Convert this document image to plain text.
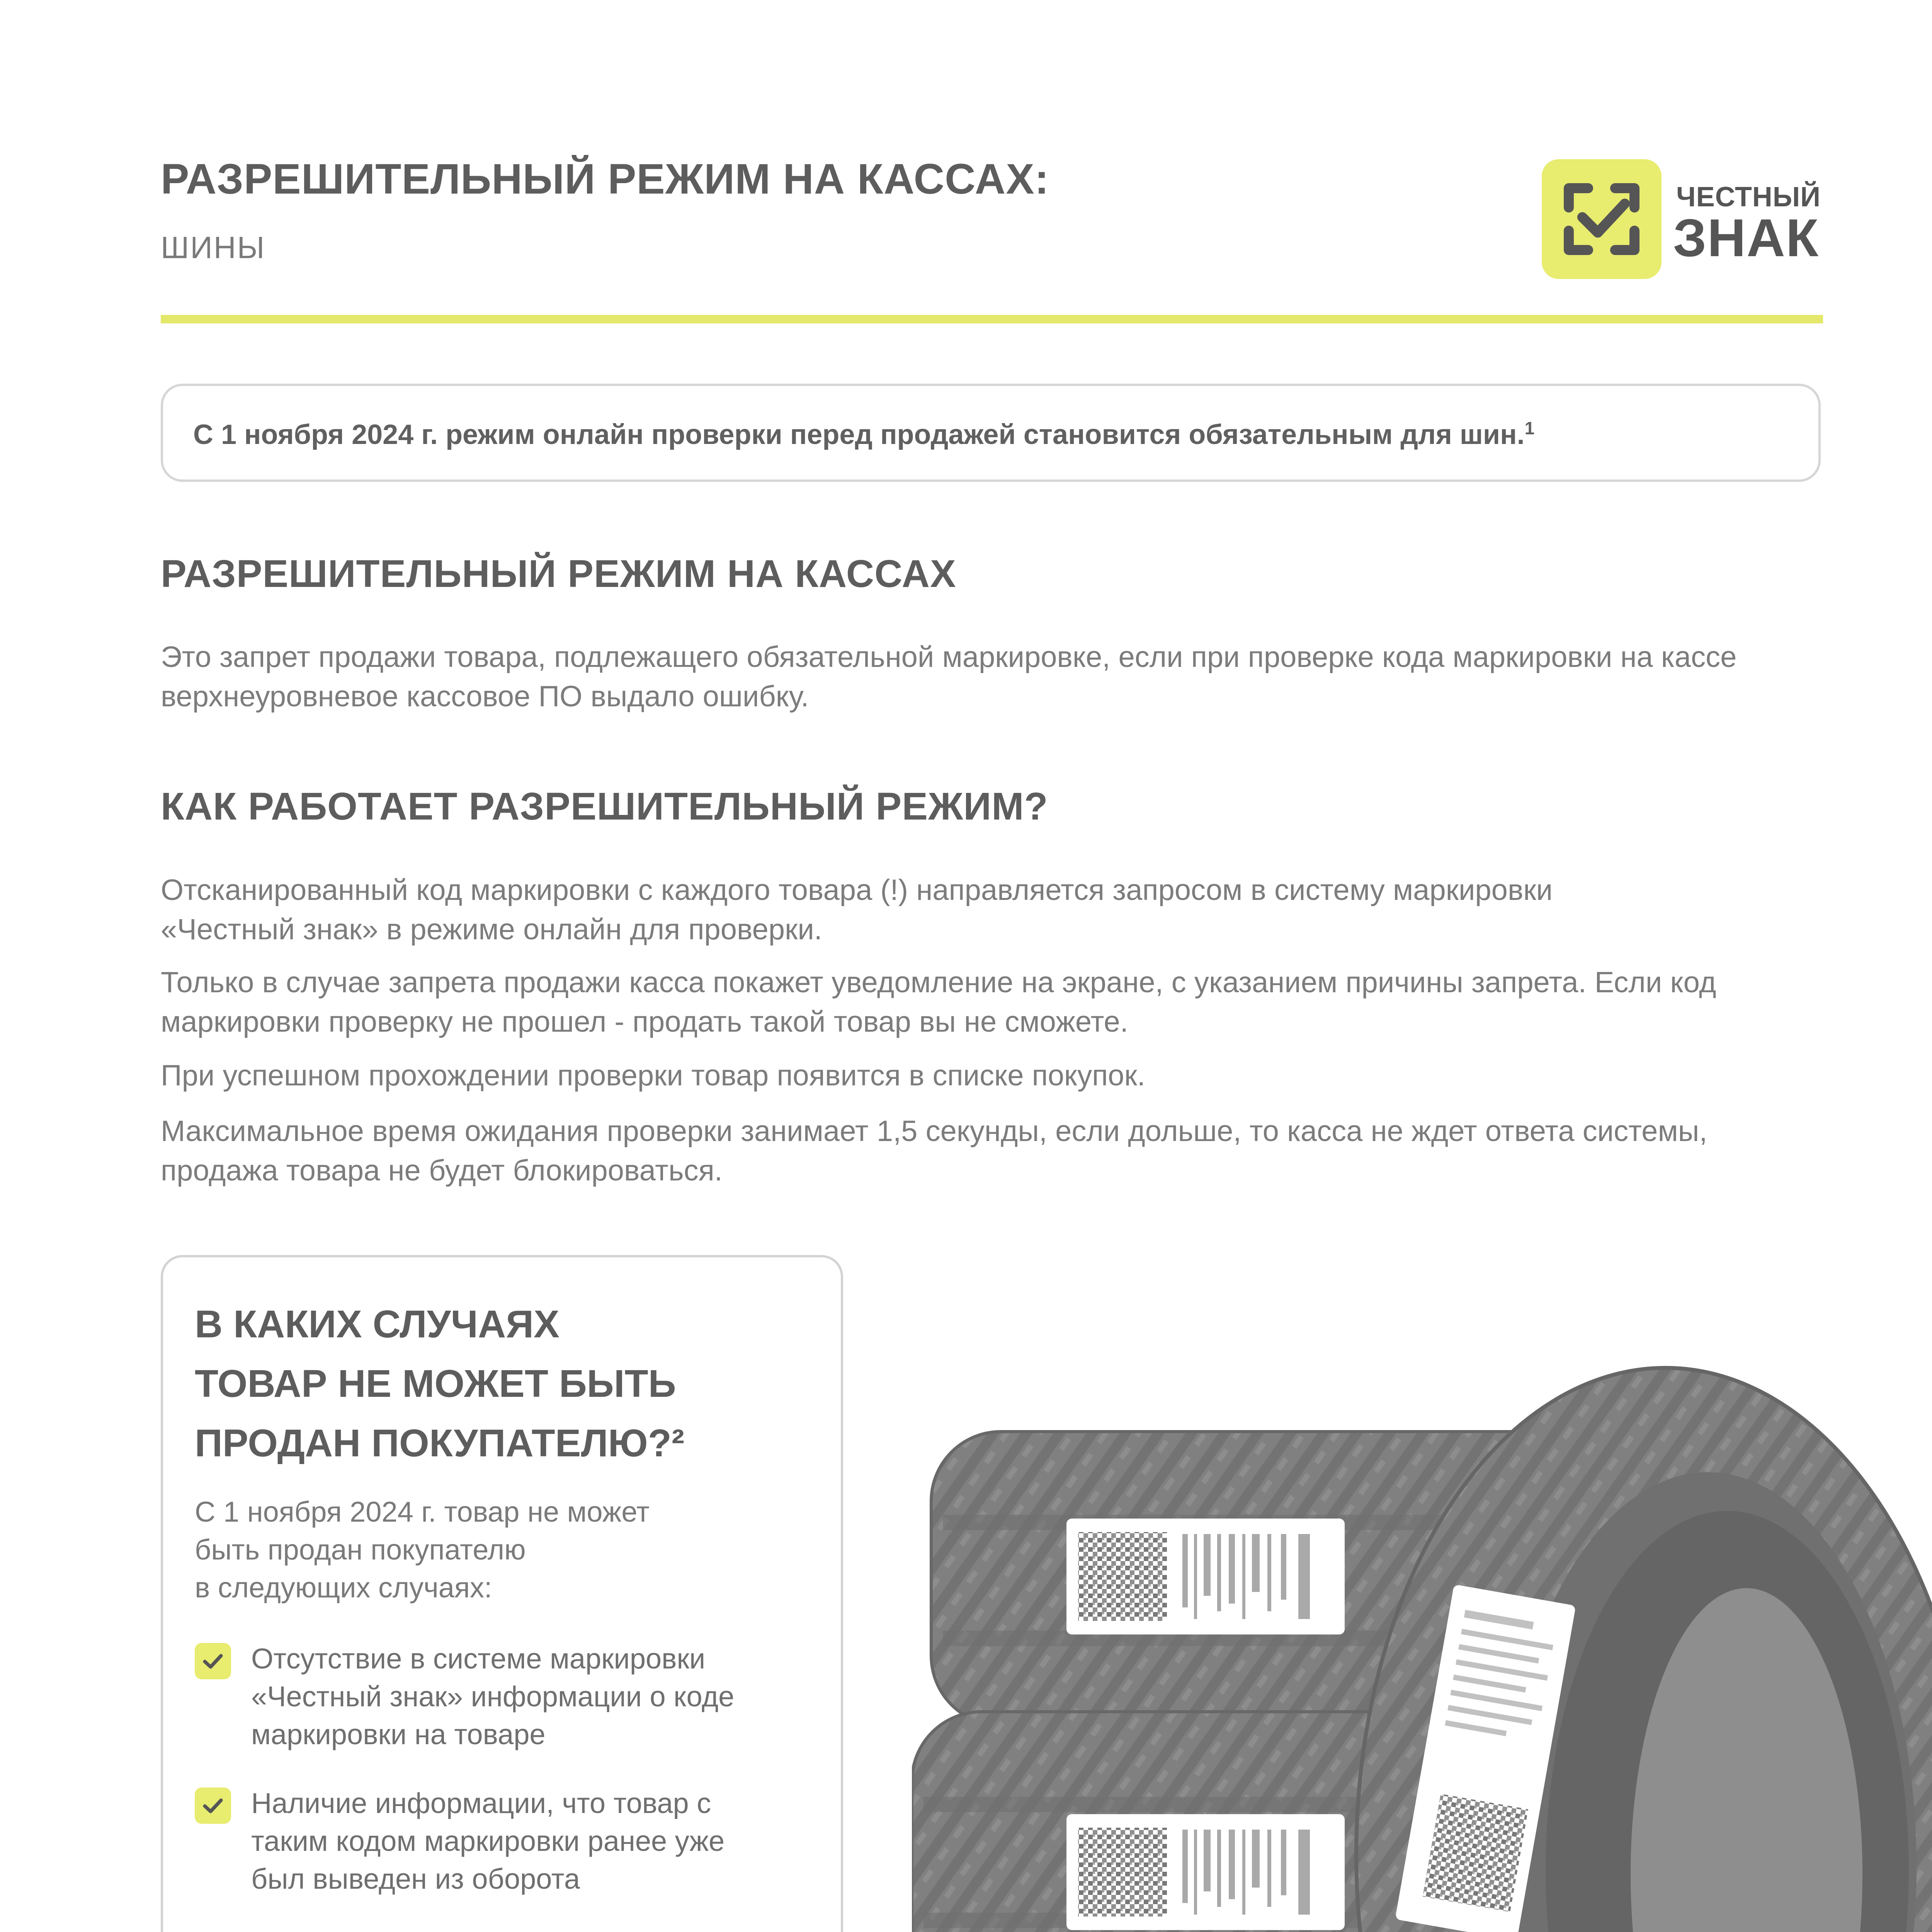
РАЗРЕШИТЕЛЬНЫЙ РЕЖИМ НА КАССАХ:

ШИНЫ

ЧЕСТНЫЙ
ЗНАК
С 1 ноября 2024 г. режим онлайн проверки перед продажей становится обязательным для шин.$^1$
РАЗРЕШИТЕЛЬНЫЙ РЕЖИМ НА КАССАХ

Это запрет продажи товара, подлежащего обязательной маркировке, если при проверке кода маркировки на кассе
верхнеуровневое кассовое ПО выдало ошибку.

КАК РАБОТАЕТ РАЗРЕШИТЕЛЬНЫЙ РЕЖИМ?

Отсканированный код маркировки с каждого товара (!) направляется запросом в систему маркировки
«Честный знак» в режиме онлайн для проверки.

Только в случае запрета продажи касса покажет уведомление на экране, с указанием причины запрета. Если код
маркировки проверку не прошел - продать такой товар вы не сможете.

При успешном прохождении проверки товар появится в списке покупок.

Максимальное время ожидания проверки занимает 1,5 секунды, если дольше, то касса не ждет ответа системы,
продажа товара не будет блокироваться.

В КАКИХ СЛУЧАЯХ
ТОВАР НЕ МОЖЕТ БЫТЬ
ПРОДАН ПОКУПАТЕЛЮ?²

С 1 ноября 2024 г. товар не может
быть продан покупателю
в следующих случаях:

Отсутствие в системе маркировки
«Честный знак» информации о коде
маркировки на товаре
Наличие информации, что товар с
таким кодом маркировки ранее уже
был выведен из оборота
